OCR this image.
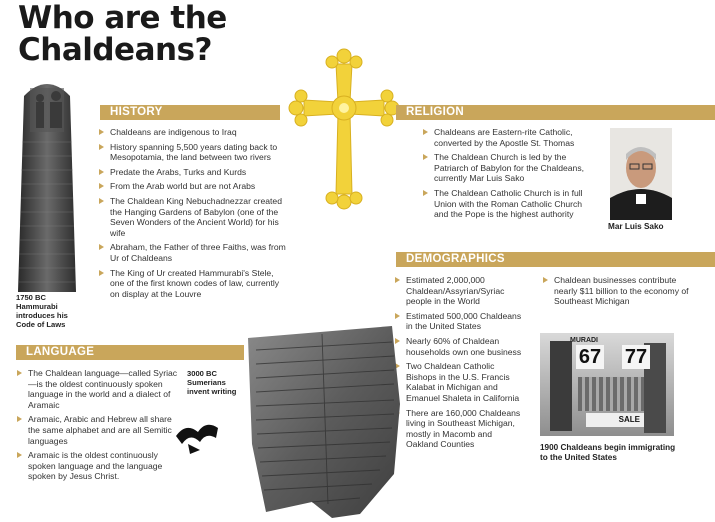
Who are the
Chaldeans?
1750 BC Hammurabi introduces his Code of Laws
HISTORY
Chaldeans are indigenous to Iraq
History spanning 5,500 years dating back to Mesopotamia, the land between two rivers
Predate the Arabs, Turks and Kurds
From the Arab world but are not Arabs
The Chaldean King Nebuchadnezzar created the Hanging Gardens of Babylon (one of the Seven Wonders of the Ancient World) for his wife
Abraham, the Father of three Faiths, was from Ur of Chaldeans
The King of Ur created Hammurabi's Stele, one of the first known codes of law, currently on display at the Louvre
RELIGION
Chaldeans are Eastern-rite Catholic, converted by the Apostle St. Thomas
The Chaldean Church is led by the Patriarch of Babylon for the Chaldeans, currently Mar Luis Sako
The Chaldean Catholic Church is in full Union with the Roman Catholic Church and the Pope is the highest authority
Mar Luis Sako
DEMOGRAPHICS
Estimated 2,000,000 Chaldean/Assyrian/Syriac people in the World
Estimated 500,000 Chaldeans in the United States
Nearly 60% of Chaldean households own one business
Two Chaldean Catholic Bishops in the U.S. Francis Kalabat in Michigan and Emanuel Shaleta in California
There are 160,000 Chaldeans living in Southeast Michigan, mostly in Macomb and Oakland Counties
Chaldean businesses contribute nearly $11 billion to the economy of Southeast Michigan
MURADI
67 77
SALE
1900 Chaldeans begin immigrating to the United States
LANGUAGE
The Chaldean language—called Syriac—is the oldest continuously spoken language in the world and a dialect of Aramaic
Aramaic, Arabic and Hebrew all share the same alphabet and are all Semitic languages
Aramaic is the oldest continuously spoken language and the language spoken by Jesus Christ.
3000 BC Sumerians invent writing
